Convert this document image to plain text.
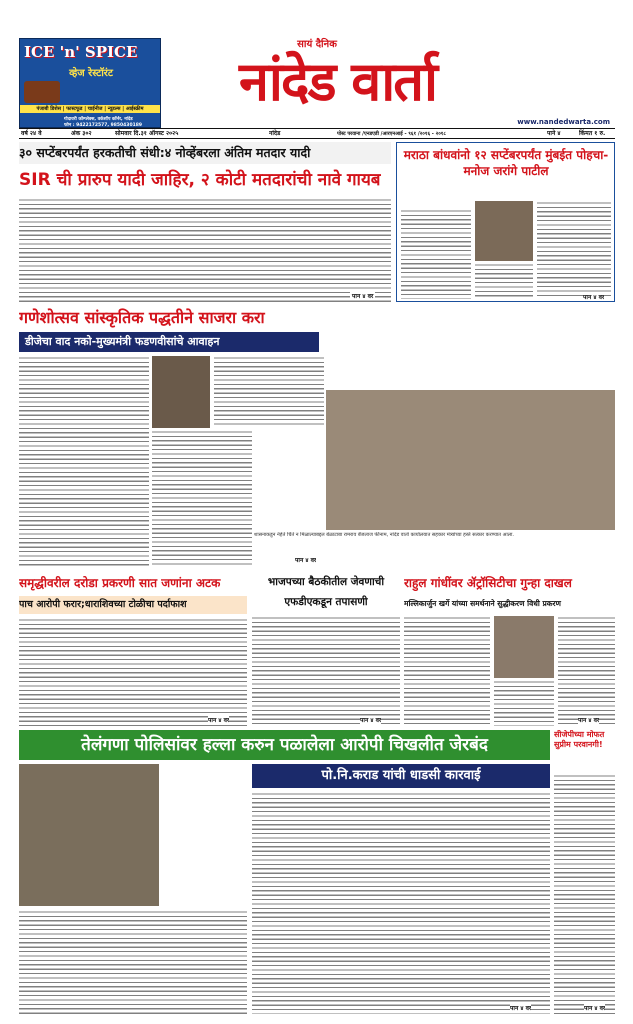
ICE 'n' SPICE
व्हेज रेस्टॉरंट
पंजाबी डिशेस | फास्टफूड | चाईनीज | न्यूडल्स | आईस्क्रीम
गोदावरी कॉम्प्लेक्स, वर्कशॉप कॉर्नर, नांदेड
फोन : 9422172577, 9850430189
सायं दैनिक
नांदेड वार्ता
www.nandedwarta.com
वर्ष २४ वे	अंक ३०२	सोमवार दि.३१ ऑगस्ट २०२५	नांदेड	पोस्ट परवाना /एनडएडी /आरएनआई - ९६१ /२०१६ - २०१८	पाने ४	किंमत १ रु.
३० सप्टेंबरपर्यंत हरकतीची संधी:४ नोव्हेंबरला अंतिम मतदार यादी
SIR ची प्रारुप यादी जाहिर, २ कोटी मतदारांची नावे गायब
पान ४ वर
मराठा बांधवांनो १२ सप्टेंबरपर्यंत मुंबईत पोहचा-मनोज जरांगे पाटील
पान ४ वर
गणेशोत्सव सांस्कृतिक पद्धतीने साजरा करा
डीजेचा वाद नको-मुख्यमंत्री फडणवीसांचे आवाहन
पान ४ वर
शासनाकडून नेहेते चिंते न मिळाल्याबद्दल बेळाटाबा रामराव बँजलाज फीनाम, नांदेड वार्ता कार्यालयात सहकार मंत्र्यांच्या हस्ते सत्कार करण्यात आला.
समृद्धीवरील दरोडा प्रकरणी सात जणांना अटक
पाच आरोपी फरार;धाराशिवच्या टोळीचा पर्दाफाश
पान ४ वर
भाजपच्या बैठकीतील जेवणाची एफडीएकडून तपासणी
पान ४ वर
राहुल गांधींवर ॲट्रॉसिटीचा गुन्हा दाखल
मल्लिकार्जुन खर्गे यांच्या समर्थनाने सुद्धीकरण विधी प्रकरण
पान ४ वर
तेलंगणा पोलिसांवर हल्ला करुन पळालेला आरोपी चिखलीत जेरबंद
पो.नि.कराड यांची धाडसी कारवाई
पान ४ वर
सीजेपीच्या मोफत सुप्रीम परवानगी!
पान ४ वर
